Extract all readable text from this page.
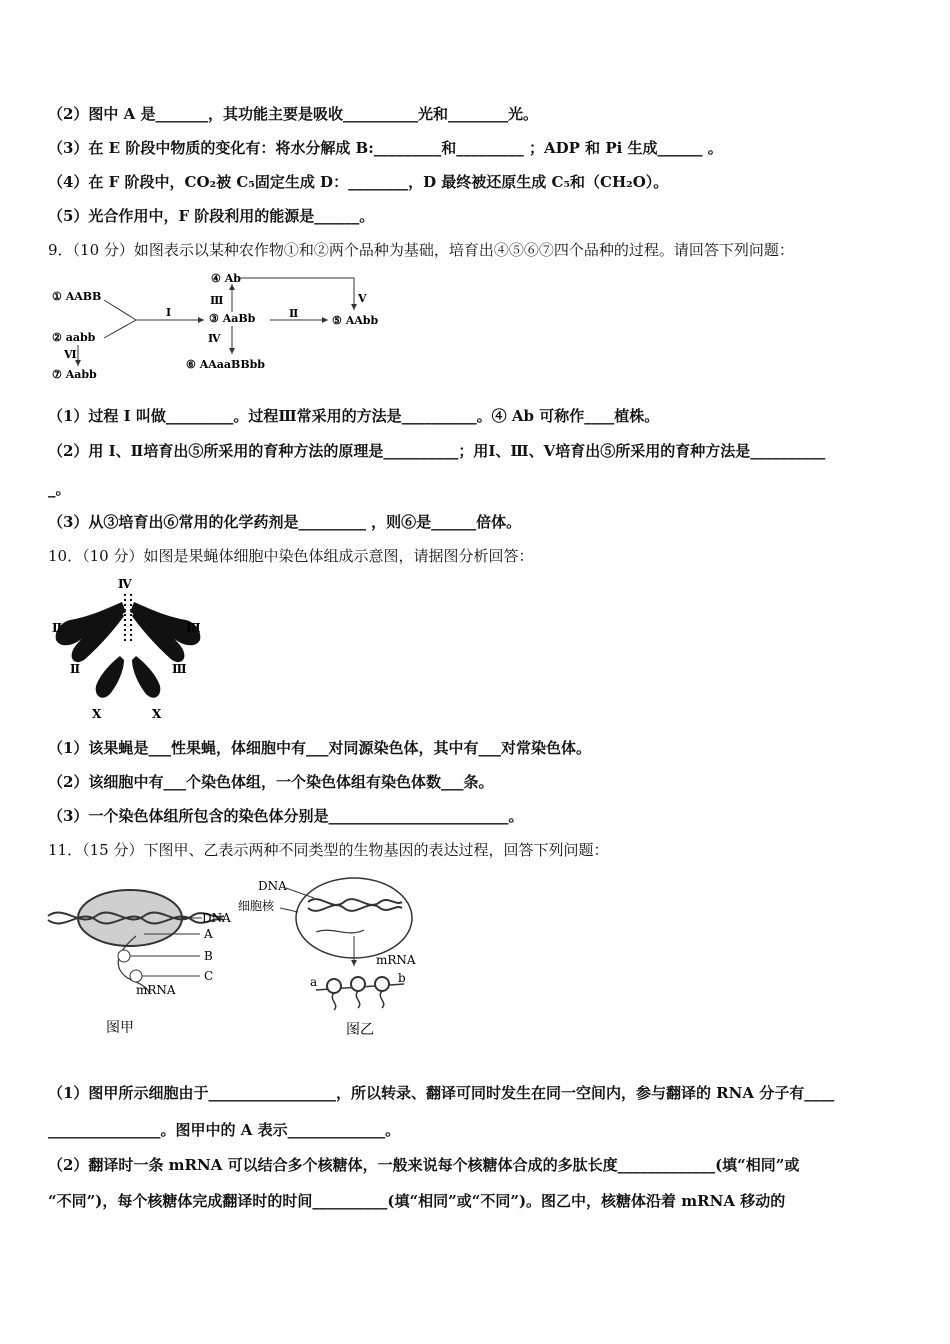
（2）图中 A 是_______，其功能主要是吸收__________光和________光。
（3）在 E 阶段中物质的变化有：将水分解成 B:_________和_________ ；ADP 和 Pi 生成______ 。
（4）在 F 阶段中，CO₂被 C₅固定生成 D：________，D 最终被还原生成 C₅和（CH₂O）。
（5）光合作用中，F 阶段利用的能源是______。
9．（10 分）如图表示以某种农作物①和②两个品种为基础，培育出④⑤⑥⑦四个品种的过程。请回答下列问题：
① AABB
② aabb
③ AaBb
④ Ab
⑤ AAbb
⑥ AAaaBBbb
⑦ Aabb
Ⅰ
Ⅲ
Ⅱ
Ⅴ
Ⅳ
Ⅵ
（1）过程 I 叫做_________。过程Ⅲ常采用的方法是__________。④ Ab 可称作____植株。
（2）用 I、Ⅱ培育出⑤所采用的育种方法的原理是__________；用Ⅰ、Ⅲ、Ⅴ培育出⑤所采用的育种方法是__________
_。
（3）从③培育出⑥常用的化学药剂是_________ ，则⑥是______倍体。
10．（10 分）如图是果蝇体细胞中染色体组成示意图，请据图分析回答：
Ⅳ
Ⅱ	Ⅲ
Ⅱ	Ⅲ
X	X
（1）该果蝇是___性果蝇，体细胞中有___对同源染色体，其中有___对常染色体。
（2）该细胞中有___个染色体组，一个染色体组有染色体数___条。
（3）一个染色体组所包含的染色体分别是________________________。
11．（15 分）下图甲、乙表示两种不同类型的生物基因的表达过程，回答下列问题：
DNA
A
B
C
mRNA
图甲
DNA
细胞核
mRNA
a	b
图乙
（1）图甲所示细胞由于_________________，所以转录、翻译可同时发生在同一空间内，参与翻译的 RNA 分子有____
_______________。图甲中的 A 表示_____________。
（2）翻译时一条 mRNA 可以结合多个核糖体，一般来说每个核糖体合成的多肽长度_____________(填“相同”或
“不同”)，每个核糖体完成翻译时的时间__________(填“相同”或“不同”)。图乙中，核糖体沿着 mRNA 移动的
